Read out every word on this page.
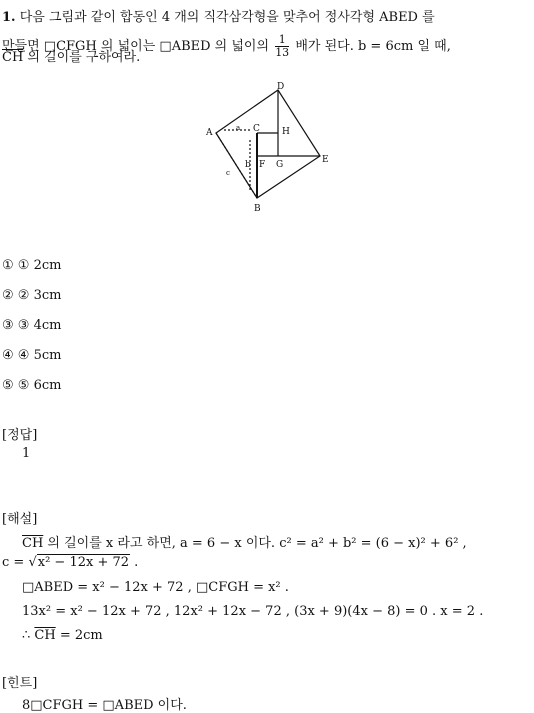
1. 다음 그림과 같이 합동인 4 개의 직각삼각형을 맞추어 정사각형 ABED 를
만들면 □CFGH 의 넓이는 □ABED 의 넓이의 $\frac{1}{13}$ 배가 된다. b = 6cm 일 때,
$\overline{CH}$ 의 길이를 구하여라.
A
B
C
D
E
F G
H
a
b
c
① ① 2cm
② ② 3cm
③ ③ 4cm
④ ④ 5cm
⑤ ⑤ 6cm
[정답]
1
[해설]
$\overline{CH}$ 의 길이를 x 라고 하면, a = 6 − x 이다. c² = a² + b² = (6 − x)² + 6² ,
c = √x² − 12x + 72 .
□ABED = x² − 12x + 72 , □CFGH = x² .
13x² = x² − 12x + 72 , 12x² + 12x − 72 , (3x + 9)(4x − 8) = 0 . x = 2 .
∴ $\overline{CH} = 2cm$
[힌트]
8□CFGH = □ABED 이다.
